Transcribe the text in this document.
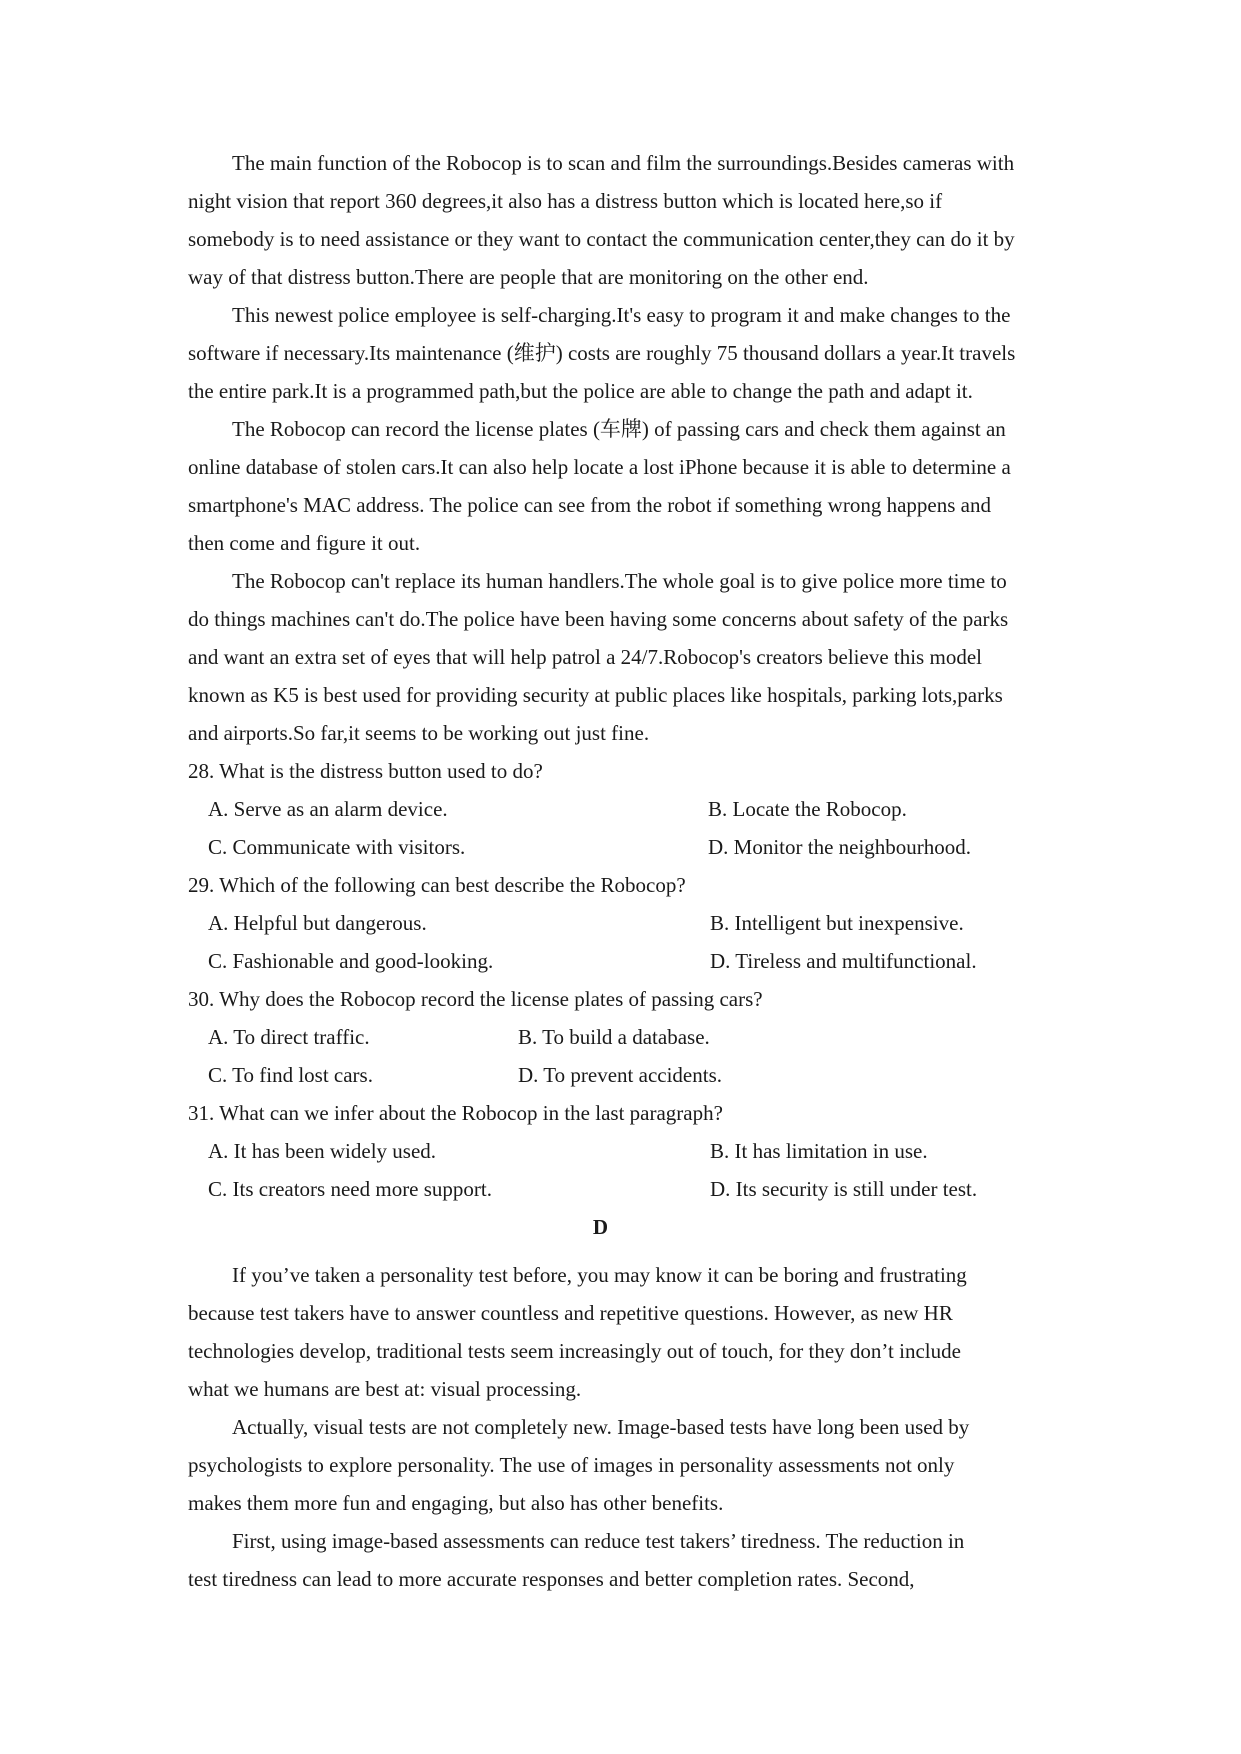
The main function of the Robocop is to scan and film the surroundings.Besides cameras with
night vision that report 360 degrees,it also has a distress button which is located here,so if
somebody is to need assistance or they want to contact the communication center,they can do it by
way of that distress button.There are people that are monitoring on the other end.
This newest police employee is self-charging.It's easy to program it and make changes to the
software if necessary.Its maintenance (维护) costs are roughly 75 thousand dollars a year.It travels
the entire park.It is a programmed path,but the police are able to change the path and adapt it.
The Robocop can record the license plates (车牌) of passing cars and check them against an
online database of stolen cars.It can also help locate a lost iPhone because it is able to determine a
smartphone's MAC address. The police can see from the robot if something wrong happens and
then come and figure it out.
The Robocop can't replace its human handlers.The whole goal is to give police more time to
do things machines can't do.The police have been having some concerns about safety of the parks
and want an extra set of eyes that will help patrol a 24/7.Robocop's creators believe this model
known as K5 is best used for providing security at public places like hospitals, parking lots,parks
and airports.So far,it seems to be working out just fine.
28. What is the distress button used to do?
A. Serve as an alarm device.	B. Locate the Robocop.
C. Communicate with visitors.	D. Monitor the neighbourhood.
29. Which of the following can best describe the Robocop?
A. Helpful but dangerous.	B. Intelligent but inexpensive.
C. Fashionable and good-looking.	D. Tireless and multifunctional.
30. Why does the Robocop record the license plates of passing cars?
A. To direct traffic.	B. To build a database.
C. To find lost cars.	D. To prevent accidents.
31. What can we infer about the Robocop in the last paragraph?
A. It has been widely used.	B. It has limitation in use.
C. Its creators need more support.	D. Its security is still under test.
D
If you’ve taken a personality test before, you may know it can be boring and frustrating
because test takers have to answer countless and repetitive questions. However, as new HR
technologies develop, traditional tests seem increasingly out of touch, for they don’t include
what we humans are best at: visual processing.
Actually, visual tests are not completely new. Image-based tests have long been used by
psychologists to explore personality. The use of images in personality assessments not only
makes them more fun and engaging, but also has other benefits.
First, using image-based assessments can reduce test takers’ tiredness. The reduction in
test tiredness can lead to more accurate responses and better completion rates. Second,
